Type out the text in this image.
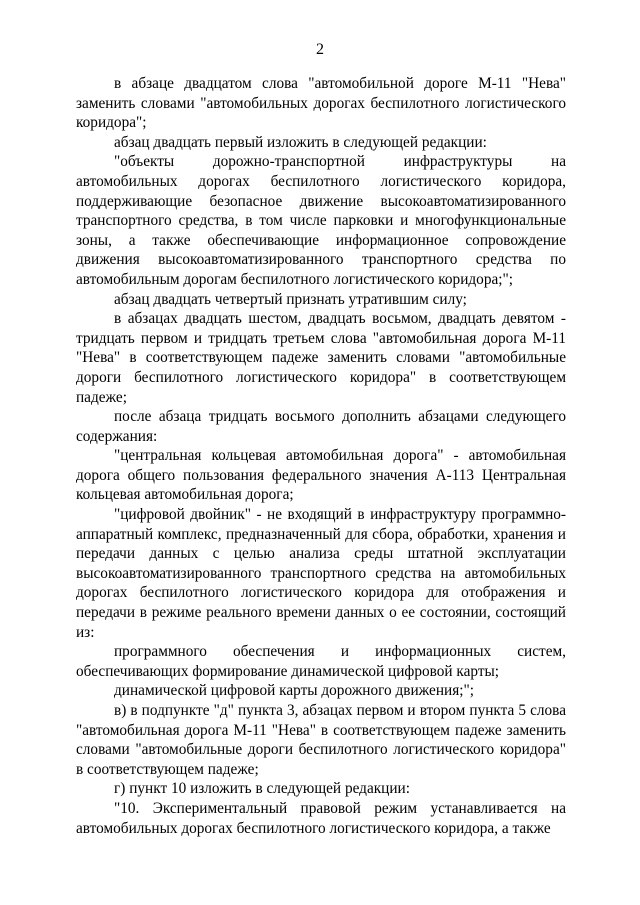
2

в абзаце двадцатом слова "автомобильной дороге М-11 "Нева" заменить словами "автомобильных дорогах беспилотного логистического коридора";

абзац двадцать первый изложить в следующей редакции:

"объекты дорожно-транспортной инфраструктуры на автомобильных дорогах беспилотного логистического коридора, поддерживающие безопасное движение высокоавтоматизированного транспортного средства, в том числе парковки и многофункциональные зоны, а также обеспечивающие информационное сопровождение движения высокоавтоматизированного транспортного средства по автомобильным дорогам беспилотного логистического коридора;";

абзац двадцать четвертый признать утратившим силу;

в абзацах двадцать шестом, двадцать восьмом, двадцать девятом - тридцать первом и тридцать третьем слова "автомобильная дорога М-11 "Нева" в соответствующем падеже заменить словами "автомобильные дороги беспилотного логистического коридора" в соответствующем падеже;

после абзаца тридцать восьмого дополнить абзацами следующего содержания:

"центральная кольцевая автомобильная дорога" - автомобильная дорога общего пользования федерального значения А-113 Центральная кольцевая автомобильная дорога;

"цифровой двойник" - не входящий в инфраструктуру программно-аппаратный комплекс, предназначенный для сбора, обработки, хранения и передачи данных с целью анализа среды штатной эксплуатации высокоавтоматизированного транспортного средства на автомобильных дорогах беспилотного логистического коридора для отображения и передачи в режиме реального времени данных о ее состоянии, состоящий из:

программного обеспечения и информационных систем, обеспечивающих формирование динамической цифровой карты;

динамической цифровой карты дорожного движения;";

в) в подпункте "д" пункта 3, абзацах первом и втором пункта 5 слова "автомобильная дорога М-11 "Нева" в соответствующем падеже заменить словами "автомобильные дороги беспилотного логистического коридора" в соответствующем падеже;

г) пункт 10 изложить в следующей редакции:

"10. Экспериментальный правовой режим устанавливается на автомобильных дорогах беспилотного логистического коридора, а также
